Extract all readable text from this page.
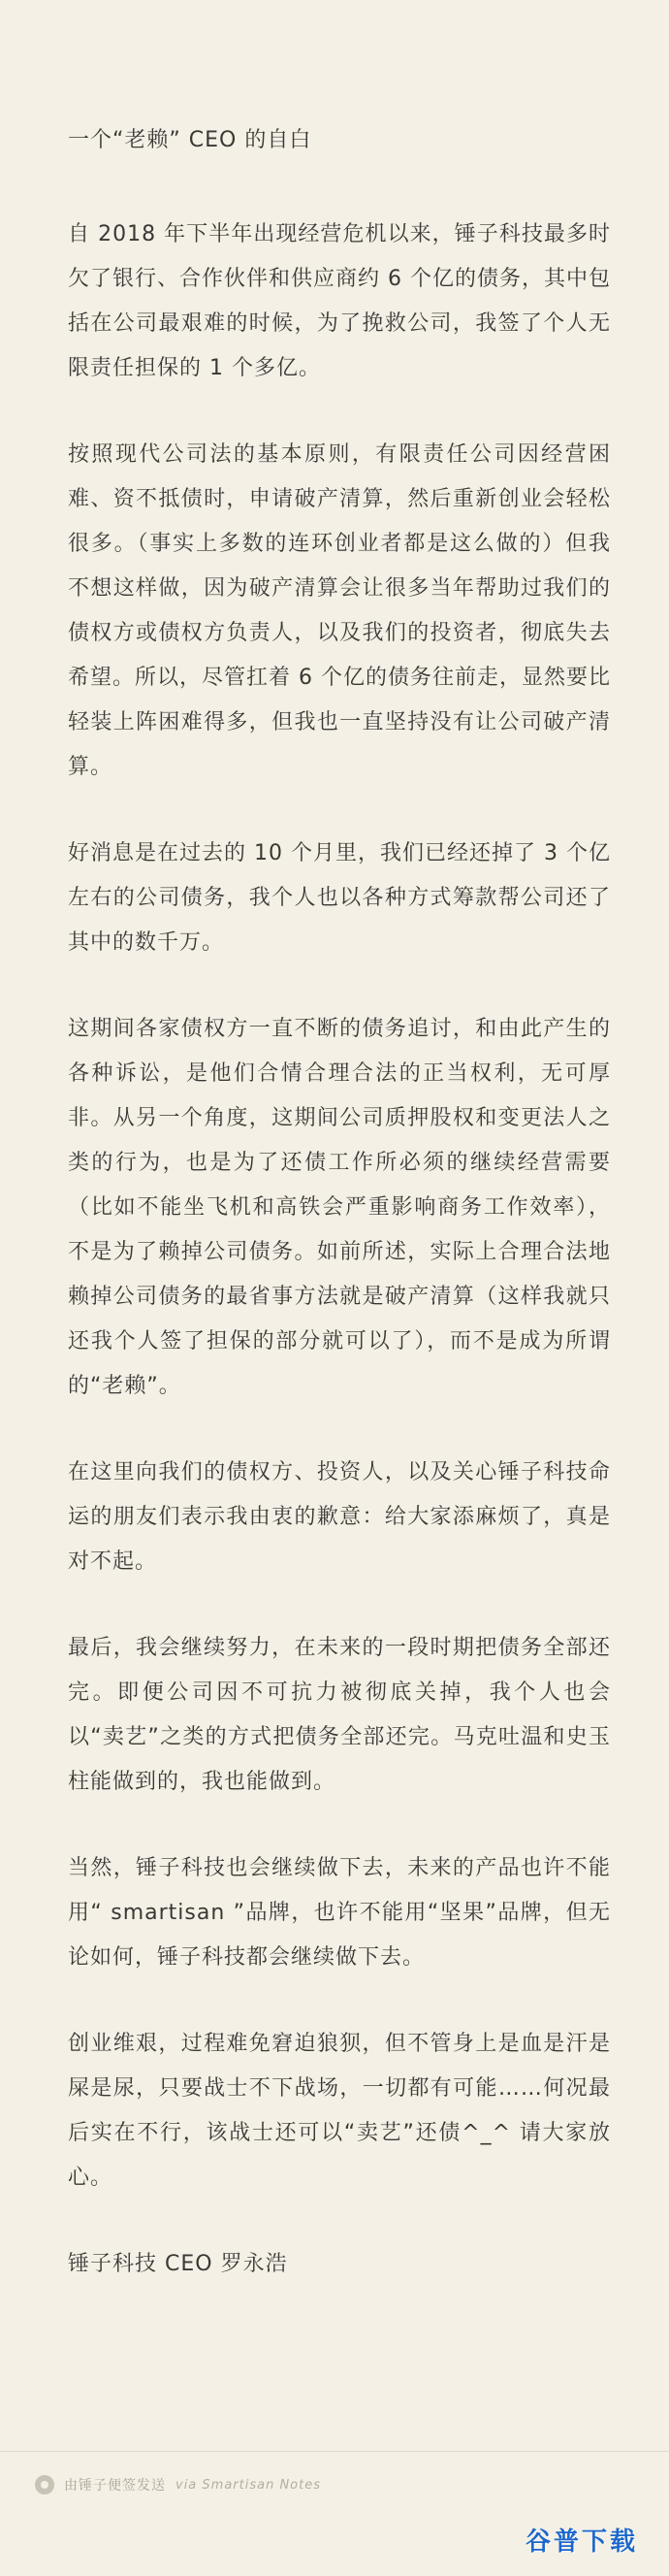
一个“老赖” CEO 的自白

自 2018 年下半年出现经营危机以来，锤子科技最多时欠了银行、合作伙伴和供应商约 6 个亿的债务，其中包括在公司最艰难的时候，为了挽救公司，我签了个人无限责任担保的 1 个多亿。

按照现代公司法的基本原则，有限责任公司因经营困难、资不抵债时，申请破产清算，然后重新创业会轻松很多。（事实上多数的连环创业者都是这么做的）但我不想这样做，因为破产清算会让很多当年帮助过我们的债权方或债权方负责人，以及我们的投资者，彻底失去希望。所以，尽管扛着 6 个亿的债务往前走，显然要比轻装上阵困难得多，但我也一直坚持没有让公司破产清算。

好消息是在过去的 10 个月里，我们已经还掉了 3 个亿左右的公司债务，我个人也以各种方式筹款帮公司还了其中的数千万。

这期间各家债权方一直不断的债务追讨，和由此产生的各种诉讼，是他们合情合理合法的正当权利，无可厚非。从另一个角度，这期间公司质押股权和变更法人之类的行为，也是为了还债工作所必须的继续经营需要（比如不能坐飞机和高铁会严重影响商务工作效率），不是为了赖掉公司债务。如前所述，实际上合理合法地赖掉公司债务的最省事方法就是破产清算（这样我就只还我个人签了担保的部分就可以了），而不是成为所谓的“老赖”。

在这里向我们的债权方、投资人，以及关心锤子科技命运的朋友们表示我由衷的歉意：给大家添麻烦了，真是对不起。

最后，我会继续努力，在未来的一段时期把债务全部还完。即便公司因不可抗力被彻底关掉，我个人也会以“卖艺”之类的方式把债务全部还完。马克吐温和史玉柱能做到的，我也能做到。

当然，锤子科技也会继续做下去，未来的产品也许不能用“ smartisan ”品牌，也许不能用“坚果”品牌，但无论如何，锤子科技都会继续做下去。

创业维艰，过程难免窘迫狼狈，但不管身上是血是汗是屎是尿，只要战士不下战场，一切都有可能……何况最后实在不行，该战士还可以“卖艺”还债^_^ 请大家放心。

锤子科技 CEO 罗永浩

由锤子便签发送 via Smartisan Notes
谷普下载
